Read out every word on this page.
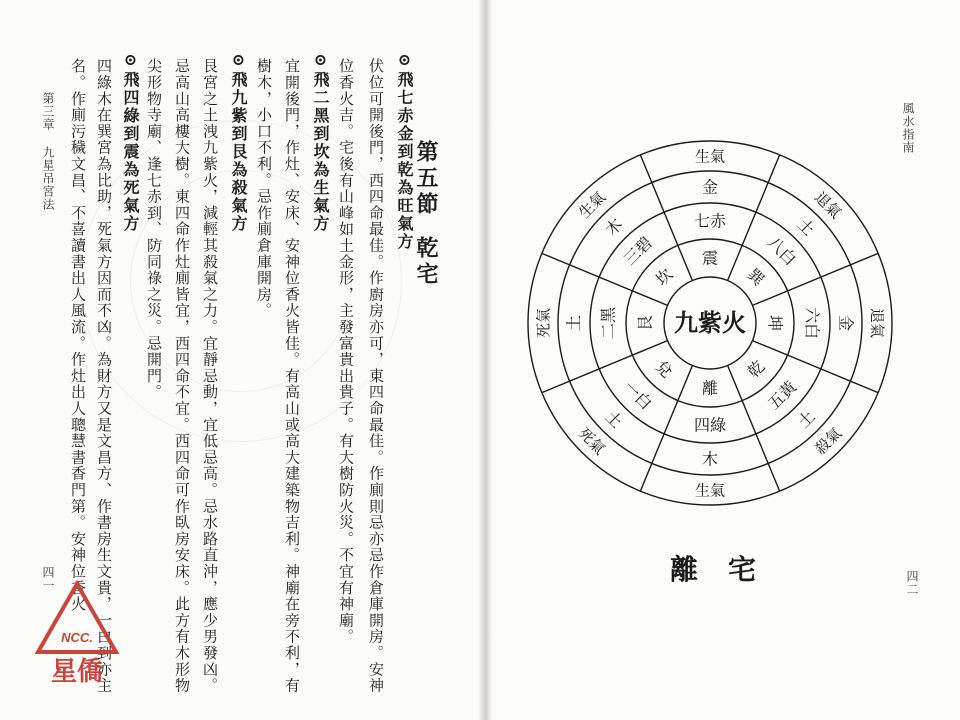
第五節
乾宅
⊙飛七赤金到乾為旺氣方
伏位可開後門，西四命最佳。作廚房亦可，東四命最佳。作廁則忌亦忌作倉庫開房。安神
位香火吉。宅後有山峰如土金形，主發富貴出貴子。有大樹防火災。不宜有神廟。
⊙飛二黑到坎為生氣方
宜開後門，作灶、安床、安神位香火皆佳。有高山或高大建築物吉利。神廟在旁不利，有
樹木，小口不利。忌作廁倉庫開房。
⊙飛九紫到艮為殺氣方
艮宮之土洩九紫火，減輕其殺氣之力。宜靜忌動，宜低忌高。忌水路直沖，應少男發凶。
忌高山高樓大樹。東四命作灶廁皆宜，西四命不宜。西四命可作臥房安床。此方有木形物
尖形物寺廟、逢七赤到、防同祿之災。忌開門。
⊙飛四綠到震為死氣方
四綠木在巽宮為比助，死氣方因而不凶。為財方又是文昌方、作書房生文貴，一白到亦主
名。作廁污穢文昌、不喜讀書出人風流。作灶出人聰慧書香門第。安神位香火
第三章 九星吊宮法
四一
NCC.
星僑
風水指南
四二
九紫火
坎
艮
震
巽
離
坤
兌	乾
三碧
二黑
七赤
八白
四綠
六白
一白	五黃
木
土
金
土
木
金
土	土
生氣
死氣
生氣
退氣
生氣
退氣
死氣	殺氣
離宅
